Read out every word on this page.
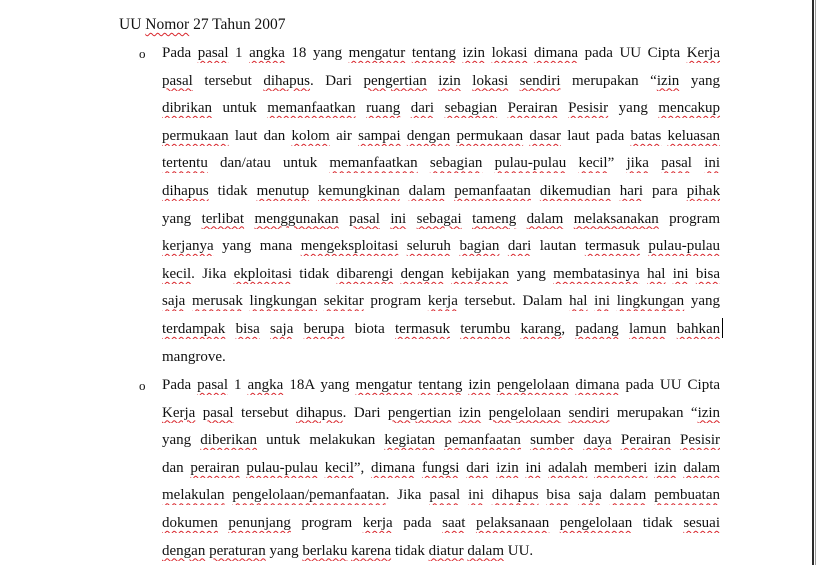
UU Nomor 27 Tahun 2007
o Pada pasal 1 angka 18 yang mengatur tentang izin lokasi dimana pada UU Cipta Kerja
pasal tersebut dihapus. Dari pengertian izin lokasi sendiri merupakan “izin yang
dibrikan untuk memanfaatkan ruang dari sebagian Perairan Pesisir yang mencakup
permukaan laut dan kolom air sampai dengan permukaan dasar laut pada batas keluasan
tertentu dan/atau untuk memanfaatkan sebagian pulau-pulau kecil” jika pasal ini
dihapus tidak menutup kemungkinan dalam pemanfaatan dikemudian hari para pihak
yang terlibat menggunakan pasal ini sebagai tameng dalam melaksanakan program
kerjanya yang mana mengeksploitasi seluruh bagian dari lautan termasuk pulau-pulau
kecil. Jika ekploitasi tidak dibarengi dengan kebijakan yang membatasinya hal ini bisa
saja merusak lingkungan sekitar program kerja tersebut. Dalam hal ini lingkungan yang
terdampak bisa saja berupa biota termasuk terumbu karang, padang lamun bahkan
mangrove.
o Pada pasal 1 angka 18A yang mengatur tentang izin pengelolaan dimana pada UU Cipta
Kerja pasal tersebut dihapus. Dari pengertian izin pengelolaan sendiri merupakan “izin
yang diberikan untuk melakukan kegiatan pemanfaatan sumber daya Perairan Pesisir
dan perairan pulau-pulau kecil”, dimana fungsi dari izin ini adalah memberi izin dalam
melakulan pengelolaan/pemanfaatan. Jika pasal ini dihapus bisa saja dalam pembuatan
dokumen penunjang program kerja pada saat pelaksanaan pengelolaan tidak sesuai
dengan peraturan yang berlaku karena tidak diatur dalam UU.
